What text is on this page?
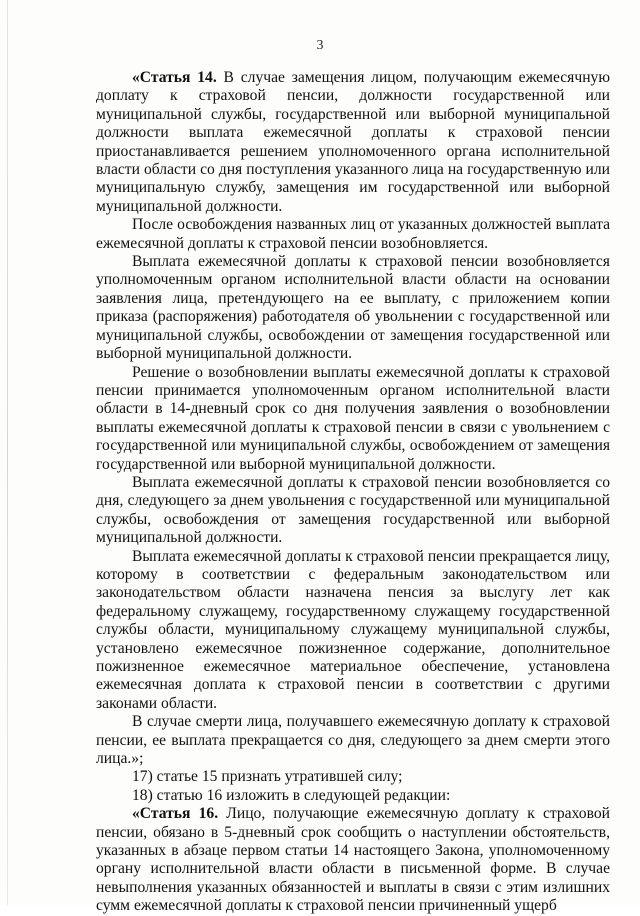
3

«Статья 14. В случае замещения лицом, получающим ежемесячную доплату к страховой пенсии, должности государственной или муниципальной службы, государственной или выборной муниципальной должности выплата ежемесячной доплаты к страховой пенсии приостанавливается решением уполномоченного органа исполнительной власти области со дня поступления указанного лица на государственную или муниципальную службу, замещения им государственной или выборной муниципальной должности.

После освобождения названных лиц от указанных должностей выплата ежемесячной доплаты к страховой пенсии возобновляется.

Выплата ежемесячной доплаты к страховой пенсии возобновляется уполномоченным органом исполнительной власти области на основании заявления лица, претендующего на ее выплату, с приложением копии приказа (распоряжения) работодателя об увольнении с государственной или муниципальной службы, освобождении от замещения государственной или выборной муниципальной должности.

Решение о возобновлении выплаты ежемесячной доплаты к страховой пенсии принимается уполномоченным органом исполнительной власти области в 14-дневный срок со дня получения заявления о возобновлении выплаты ежемесячной доплаты к страховой пенсии в связи с увольнением с государственной или муниципальной службы, освобождением от замещения государственной или выборной муниципальной должности.

Выплата ежемесячной доплаты к страховой пенсии возобновляется со дня, следующего за днем увольнения с государственной или муниципальной службы, освобождения от замещения государственной или выборной муниципальной должности.

Выплата ежемесячной доплаты к страховой пенсии прекращается лицу, которому в соответствии с федеральным законодательством или законодательством области назначена пенсия за выслугу лет как федеральному служащему, государственному служащему государственной службы области, муниципальному служащему муниципальной службы, установлено ежемесячное пожизненное содержание, дополнительное пожизненное ежемесячное материальное обеспечение, установлена ежемесячная доплата к страховой пенсии в соответствии с другими законами области.

В случае смерти лица, получавшего ежемесячную доплату к страховой пенсии, ее выплата прекращается со дня, следующего за днем смерти этого лица.»;

17) статье 15 признать утратившей силу;

18) статью 16 изложить в следующей редакции:

«Статья 16. Лицо, получающие ежемесячную доплату к страховой пенсии, обязано в 5-дневный срок сообщить о наступлении обстоятельств, указанных в абзаце первом статьи 14 настоящего Закона, уполномоченному органу исполнительной власти области в письменной форме. В случае невыполнения указанных обязанностей и выплаты в связи с этим излишних сумм ежемесячной доплаты к страховой пенсии причиненный ущерб
